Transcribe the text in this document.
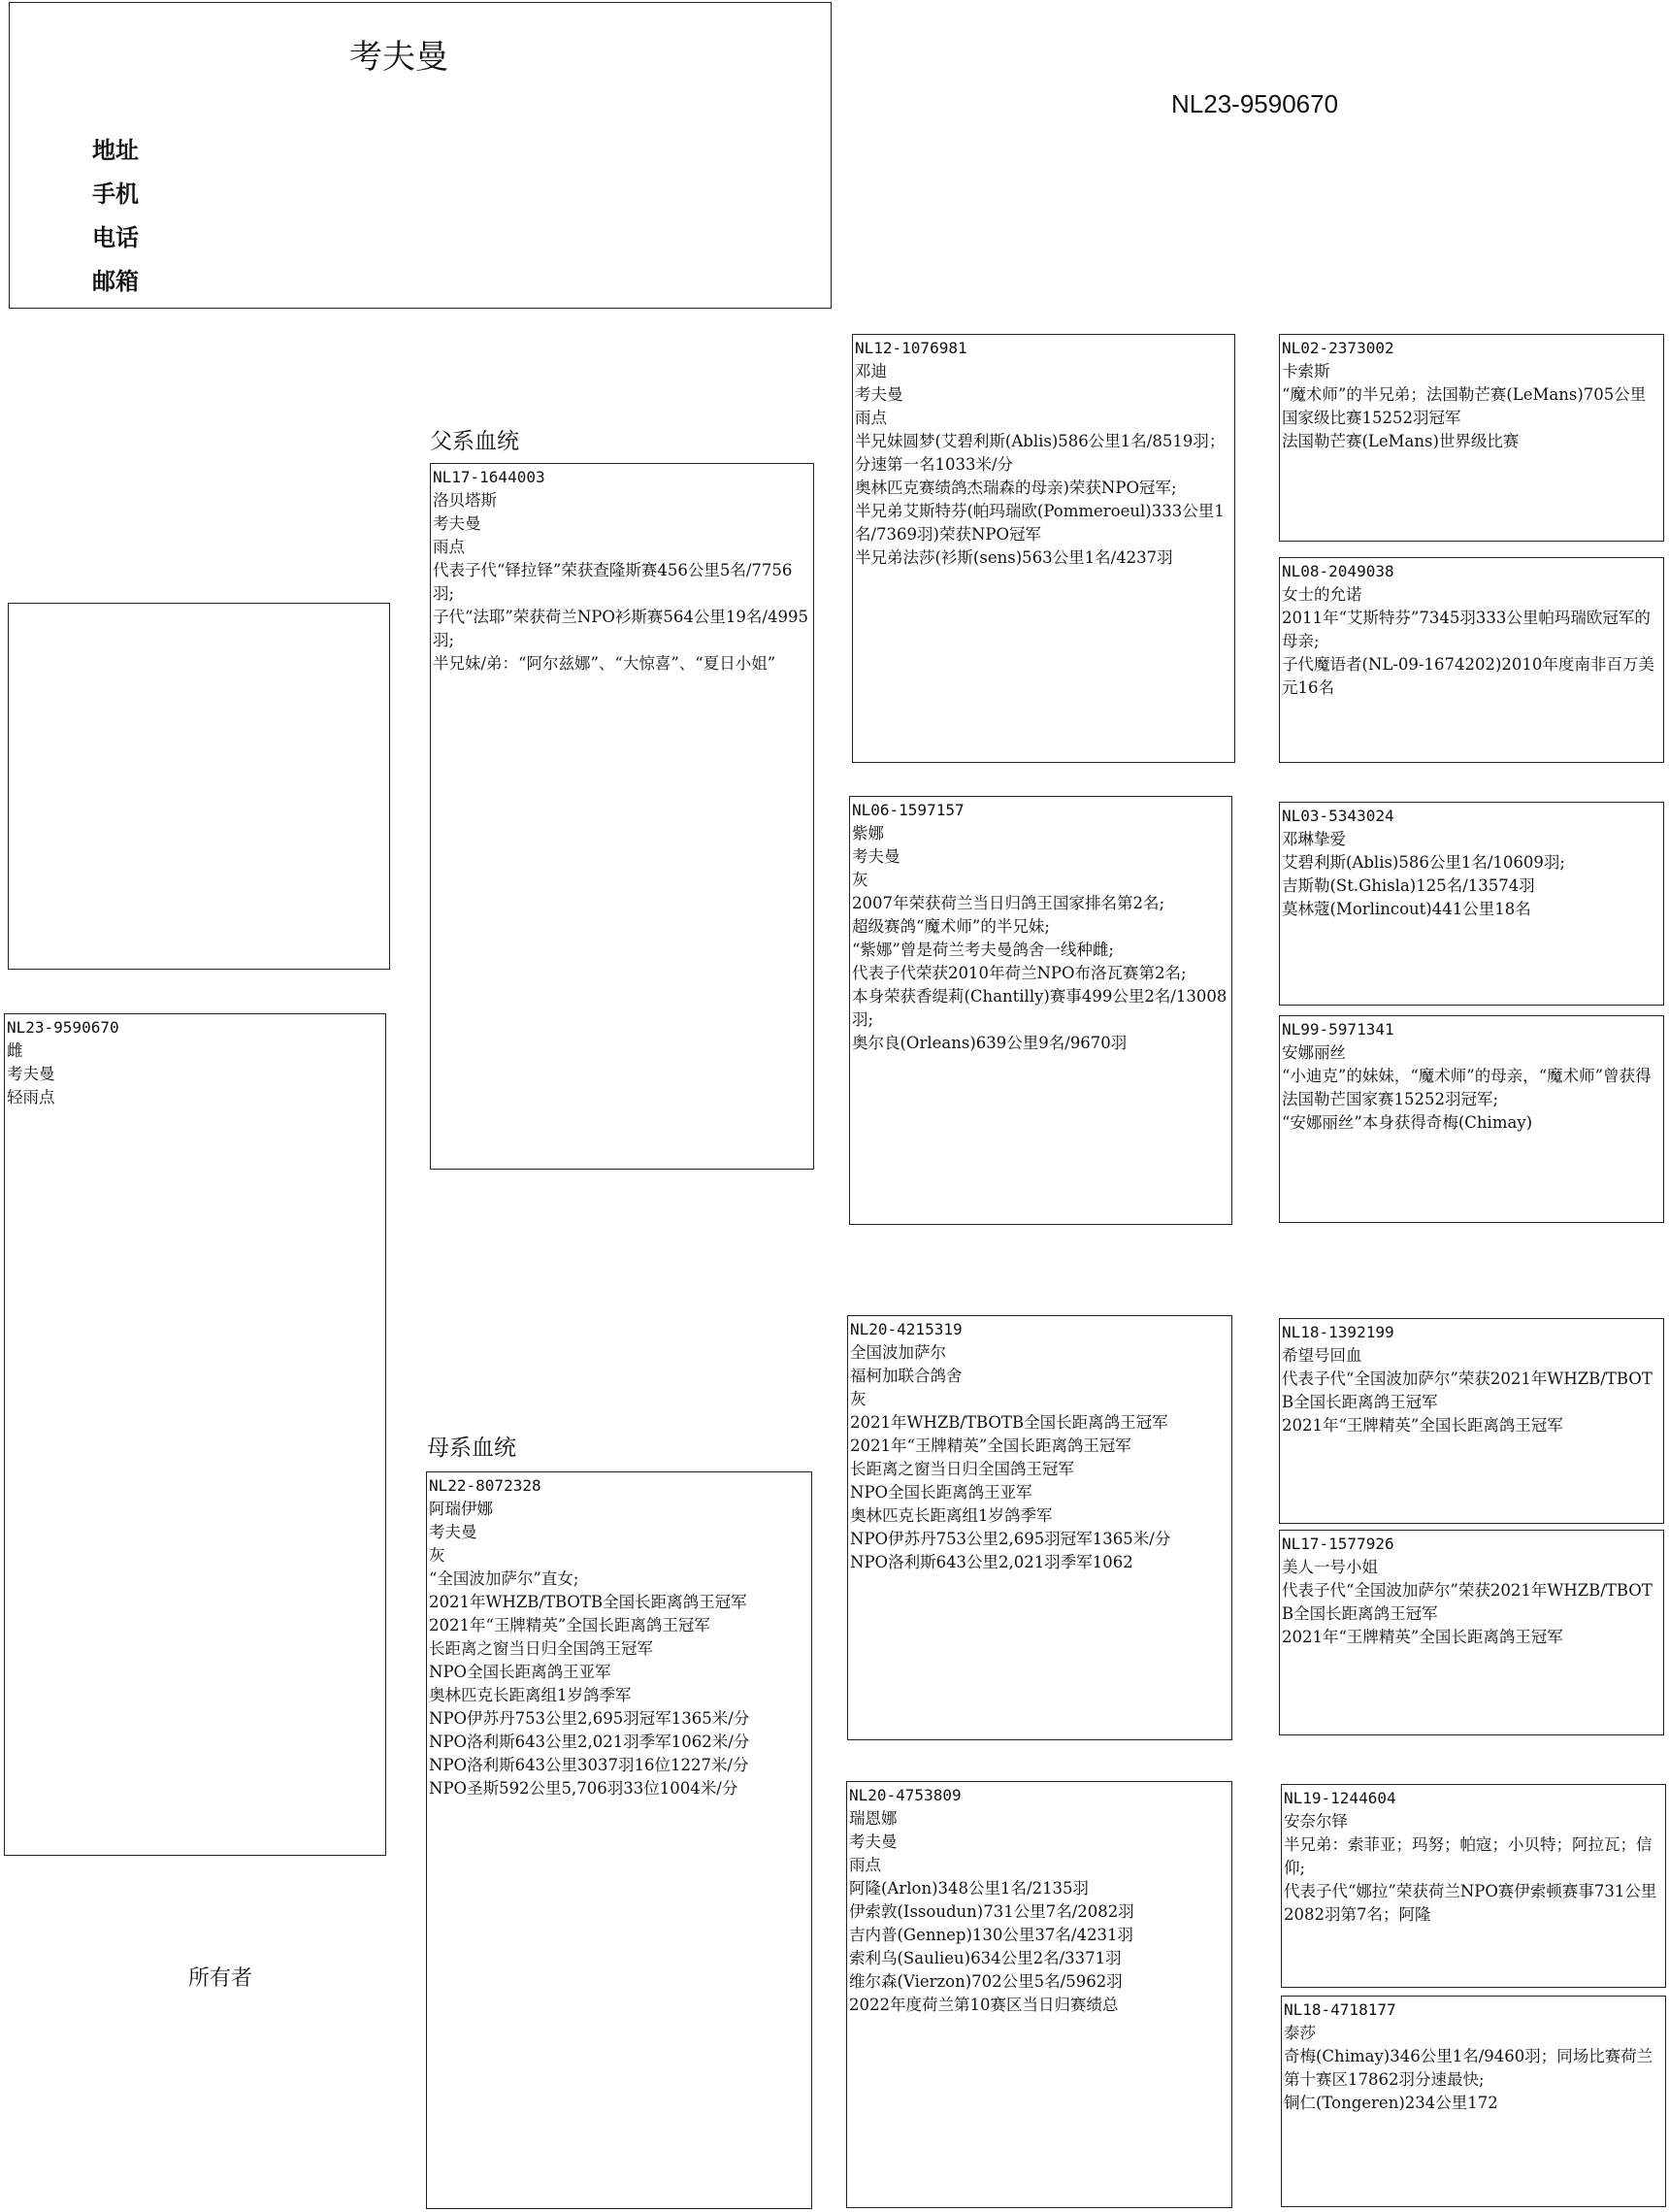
考夫曼
地址
手机
电话
邮箱
NL23-9590670
NL23-9590670
雌
考夫曼
轻雨点
所有者
父系血统
母系血统
NL17-1644003
洛贝塔斯
考夫曼
雨点
代表子代“铎拉铎”荣获查隆斯赛456公里5名/7756羽;
子代“法耶”荣获荷兰NPO衫斯赛564公里19名/4995羽;
半兄妹/弟：“阿尔兹娜”、“大惊喜”、“夏日小姐”
NL22-8072328
阿瑞伊娜
考夫曼
灰
“全国波加萨尔”直女;
2021年WHZB/TBOTB全国长距离鸽王冠军
2021年“王牌精英”全国长距离鸽王冠军
长距离之窗当日归全国鸽王冠军
NPO全国长距离鸽王亚军
奥林匹克长距离组1岁鸽季军
NPO伊苏丹753公里2,695羽冠军1365米/分
NPO洛利斯643公里2,021羽季军1062米/分
NPO洛利斯643公里3037羽16位1227米/分
NPO圣斯592公里5,706羽33位1004米/分
NL12-1076981
邓迪
考夫曼
雨点
半兄妹圆梦(艾碧利斯(Ablis)586公里1名/8519羽；分速第一名1033米/分
奥林匹克赛绩鸽杰瑞森的母亲)荣获NPO冠军;
半兄弟艾斯特芬(帕玛瑞欧(Pommeroeul)333公里1名/7369羽)荣获NPO冠军
半兄弟法莎(衫斯(sens)563公里1名/4237羽
NL06-1597157
紫娜
考夫曼
灰
2007年荣获荷兰当日归鸽王国家排名第2名;
超级赛鸽“魔术师”的半兄妹;
“紫娜”曾是荷兰考夫曼鸽舍一线种雌;
代表子代荣获2010年荷兰NPO布洛瓦赛第2名;
本身荣获香缇莉(Chantilly)赛事499公里2名/13008羽;
奥尔良(Orleans)639公里9名/9670羽
NL20-4215319
全国波加萨尔
福柯加联合鸽舍
灰
2021年WHZB/TBOTB全国长距离鸽王冠军
2021年“王牌精英”全国长距离鸽王冠军
长距离之窗当日归全国鸽王冠军
NPO全国长距离鸽王亚军
奥林匹克长距离组1岁鸽季军
NPO伊苏丹753公里2,695羽冠军1365米/分
NPO洛利斯643公里2,021羽季军1062
NL20-4753809
瑞恩娜
考夫曼
雨点
阿隆(Arlon)348公里1名/2135羽
伊索敦(Issoudun)731公里7名/2082羽
吉内普(Gennep)130公里37名/4231羽
索利乌(Saulieu)634公里2名/3371羽
维尔森(Vierzon)702公里5名/5962羽
2022年度荷兰第10赛区当日归赛绩总
NL02-2373002
卡索斯
“魔术师”的半兄弟；法国勒芒赛(LeMans)705公里国家级比赛15252羽冠军
法国勒芒赛(LeMans)世界级比赛
NL08-2049038
女士的允诺
2011年“艾斯特芬”7345羽333公里帕玛瑞欧冠军的母亲;
子代魔语者(NL-09-1674202)2010年度南非百万美元16名
NL03-5343024
邓琳挚爱
艾碧利斯(Ablis)586公里1名/10609羽;
吉斯勒(St.Ghisla)125名/13574羽
莫林蔻(Morlincout)441公里18名
NL99-5971341
安娜丽丝
“小迪克”的妹妹，“魔术师”的母亲，“魔术师”曾获得法国勒芒国家赛15252羽冠军;
“安娜丽丝”本身获得奇梅(Chimay)
NL18-1392199
希望号回血
代表子代“全国波加萨尔”荣获2021年WHZB/TBOTB全国长距离鸽王冠军
2021年“王牌精英”全国长距离鸽王冠军
NL17-1577926
美人一号小姐
代表子代“全国波加萨尔”荣获2021年WHZB/TBOTB全国长距离鸽王冠军
2021年“王牌精英”全国长距离鸽王冠军
NL19-1244604
安奈尔铎
半兄弟：索菲亚；玛努；帕寇；小贝特；阿拉瓦；信仰;
代表子代“娜拉”荣获荷兰NPO赛伊索顿赛事731公里2082羽第7名；阿隆
NL18-4718177
泰莎
奇梅(Chimay)346公里1名/9460羽；同场比赛荷兰第十赛区17862羽分速最快;
铜仁(Tongeren)234公里172
